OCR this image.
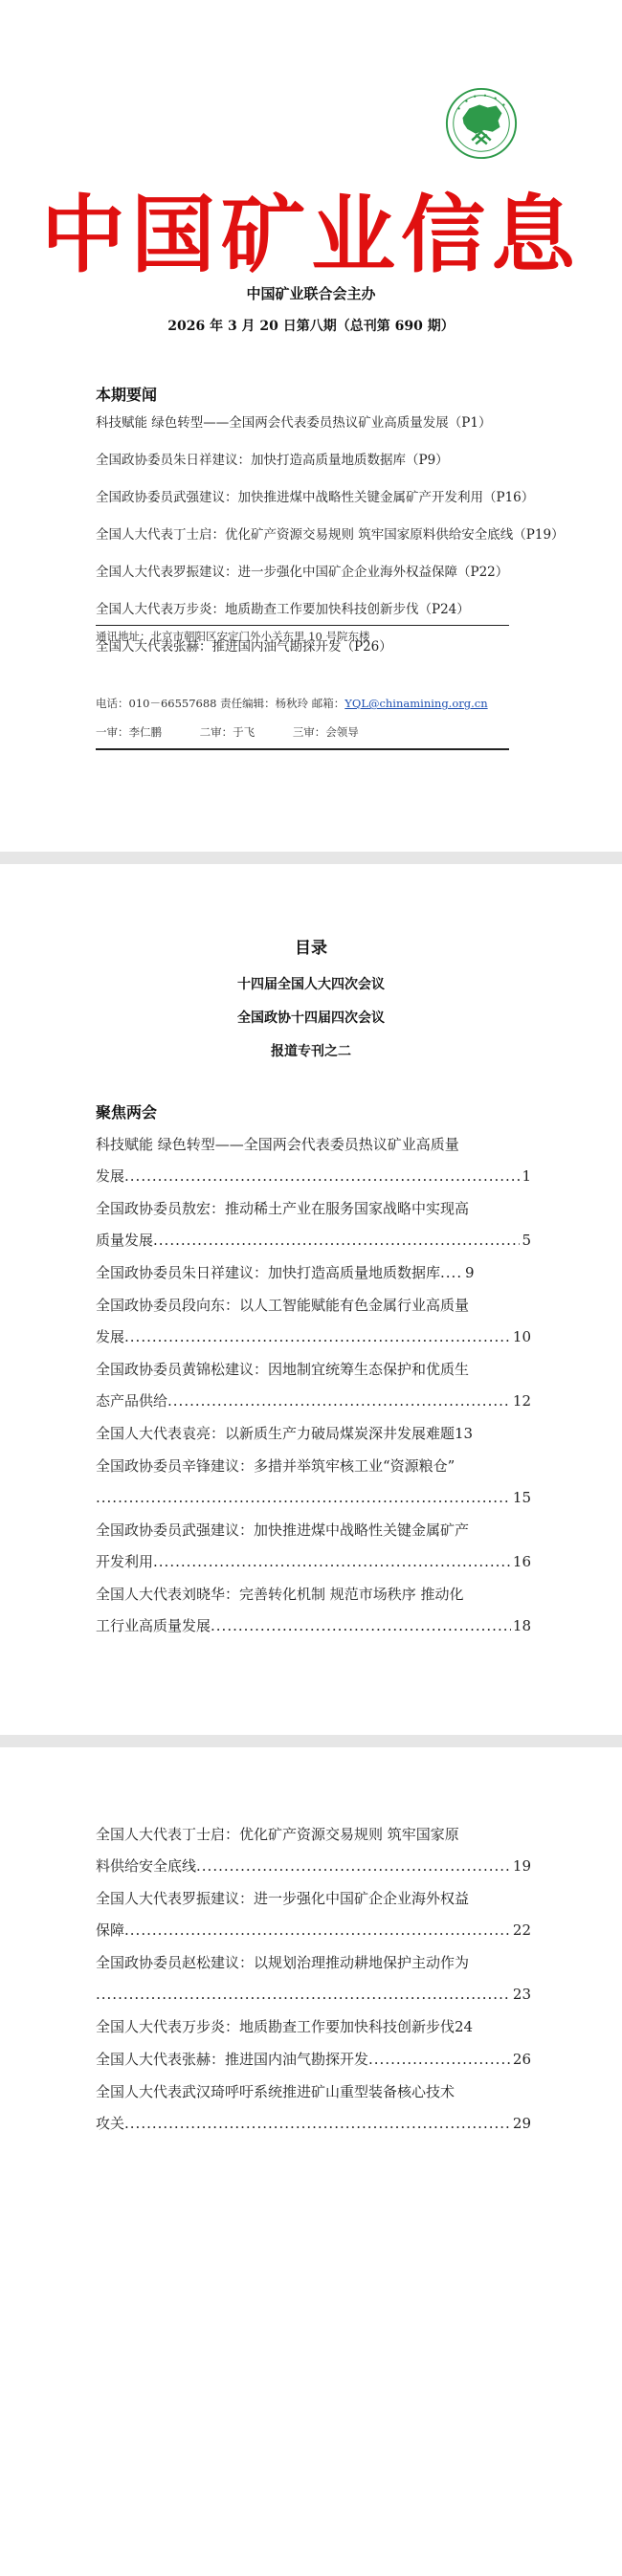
中国矿业信息
中国矿业联合会主办
2026 年 3 月 20 日第八期（总刊第 690 期）
本期要闻
科技赋能 绿色转型——全国两会代表委员热议矿业高质量发展（P1）
全国政协委员朱日祥建议：加快打造高质量地质数据库（P9）
全国政协委员武强建议：加快推进煤中战略性关键金属矿产开发利用（P16）
全国人大代表丁士启：优化矿产资源交易规则 筑牢国家原料供给安全底线（P19）
全国人大代表罗振建议：进一步强化中国矿企企业海外权益保障（P22）
全国人大代表万步炎：地质勘查工作要加快科技创新步伐（P24）
全国人大代表张赫：推进国内油气勘探开发（P26）
通讯地址：北京市朝阳区安定门外小关东里 10 号院东楼
电话：010－66557688 责任编辑：杨秋玲 邮箱：YQL@chinamining.org.cn
一审：李仁鹏	二审：于飞	三审：会领导
目录
十四届全国人大四次会议
全国政协十四届四次会议
报道专刊之二
聚焦两会
科技赋能 绿色转型——全国两会代表委员热议矿业高质量
发展 .....	1
全国政协委员敖宏：推动稀土产业在服务国家战略中实现高
质量发展 .....	5
全国政协委员朱日祥建议：加快打造高质量地质数据库 ..... 9
全国政协委员段向东：以人工智能赋能有色金属行业高质量
发展 .....	10
全国政协委员黄锦松建议：因地制宜统筹生态保护和优质生
态产品供给 .....	12
全国人大代表袁亮：以新质生产力破局煤炭深井发展难题 13
全国政协委员辛锋建议：多措并举筑牢核工业“资源粮仓”
.....
15
全国政协委员武强建议：加快推进煤中战略性关键金属矿产
开发利用 .....	16
全国人大代表刘晓华：完善转化机制 规范市场秩序 推动化
工行业高质量发展 .....	18
全国人大代表丁士启：优化矿产资源交易规则 筑牢国家原
料供给安全底线 .....	19
全国人大代表罗振建议：进一步强化中国矿企企业海外权益
保障 .....	22
全国政协委员赵松建议：以规划治理推动耕地保护主动作为
.....
23
全国人大代表万步炎：地质勘查工作要加快科技创新步伐 24
全国人大代表张赫：推进国内油气勘探开发 .....	26
全国人大代表武汉琦呼吁系统推进矿山重型装备核心技术
攻关 .....	29
